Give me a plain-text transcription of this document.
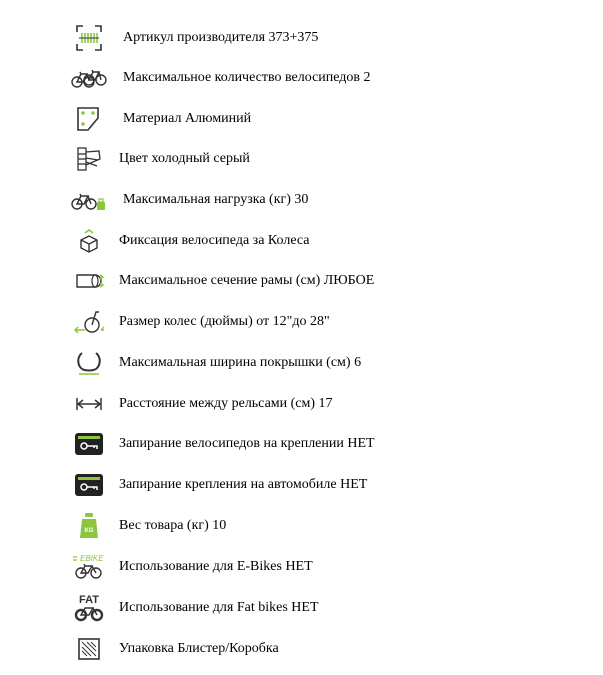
Артикул производителя 373+375
Максимальное количество велосипедов 2
Материал Алюминий
Цвет холодный серый
Максимальная нагрузка (кг) 30
Фиксация велосипеда за Колеса
Максимальное сечение рамы (см) ЛЮБОЕ
Размер колес (дюймы) от 12"до 28"
Максимальная ширина покрышки (см) 6
Расстояние между рельсами (см) 17
Запирание велосипедов на креплении НЕТ
Запирание крепления на автомобиле НЕТ
KG Вес товара (кг) 10
EBIKE
Использование для E-Bikes НЕТ
FAT Использование для Fat bikes НЕТ
Упаковка Блистер/Коробка
